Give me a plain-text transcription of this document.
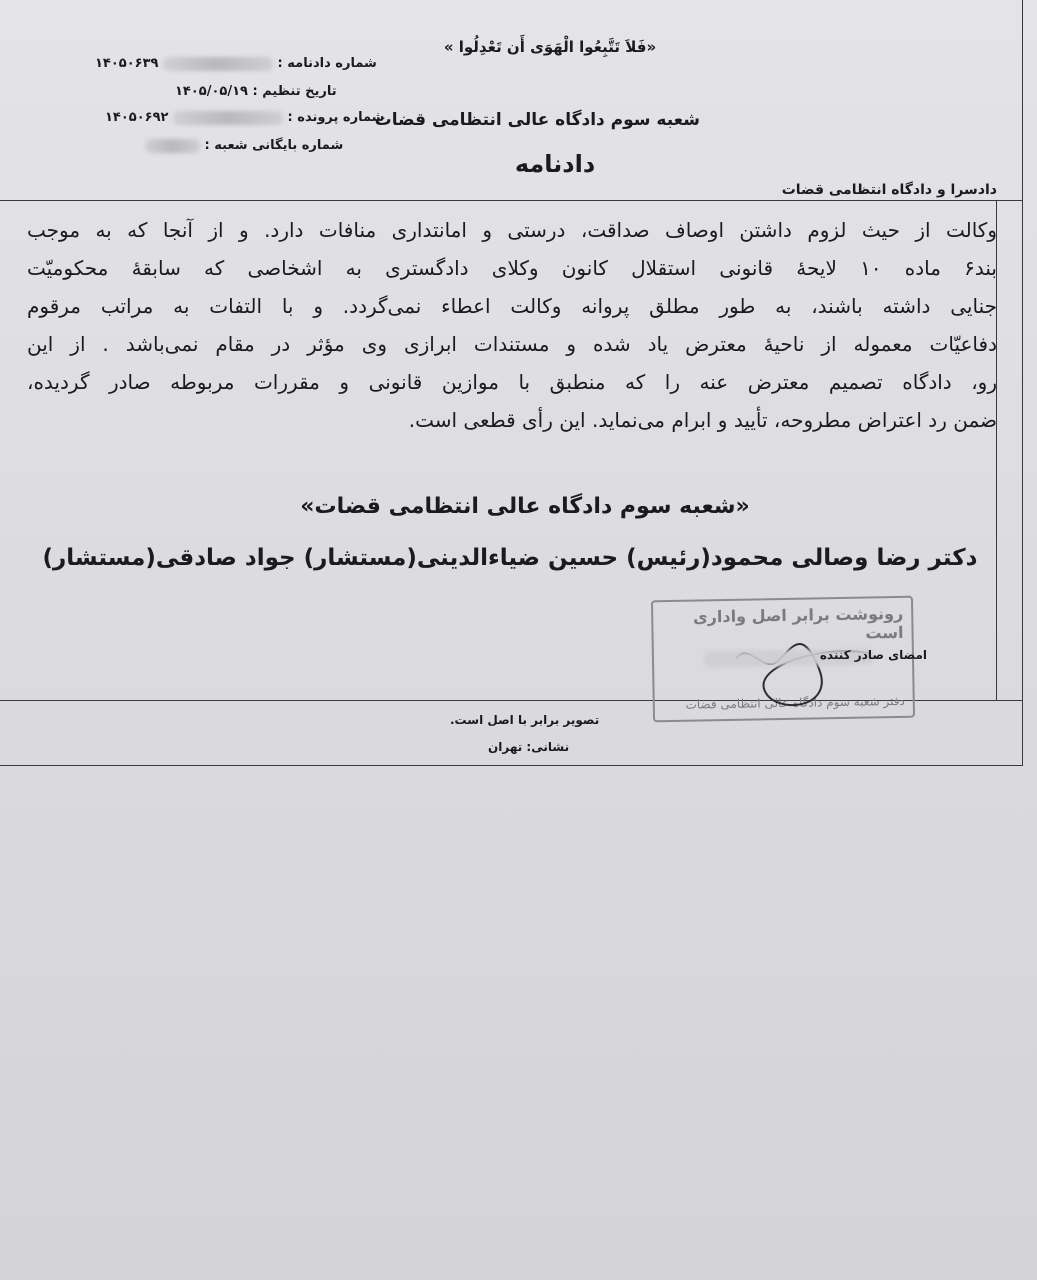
«فَلاَ تَتَّبِعُوا الْهَوَى أَن تَعْدِلُوا »
شعبه سوم دادگاه عالی انتظامی قضات
دادنامه
دادسرا و دادگاه انتظامی قضات
شماره دادنامه :  ۱۴۰۵۰۶۳۹
تاریخ تنظیم : ۱۴۰۵/۰۵/۱۹
شماره پرونده :  ۱۴۰۵۰۶۹۲
شماره بایگانی شعبه :
وکالت از حیث لزوم داشتن اوصاف صداقت، درستی و امانتداری منافات دارد. و از آنجا که به موجب
بند۶ ماده ۱۰ لایحهٔ قانونی استقلال کانون وکلای دادگستری به اشخاصی که سابقهٔ محکومیّت
جنایی داشته باشند، به طور مطلق پروانه وکالت اعطاء نمی‌گردد. و با التفات به مراتب مرقوم
دفاعیّات معموله از ناحیهٔ معترض یاد شده و مستندات ابرازی وی مؤثر در مقام نمی‌باشد . از این
رو، دادگاه تصمیم معترض عنه را که منطبق با موازین قانونی و مقررات مربوطه صادر گردیده،
ضمن رد اعتراض مطروحه، تأیید و ابرام می‌نماید. این رأی قطعی است.
«شعبه سوم دادگاه عالی انتظامی قضات»
دکتر رضا وصالی محمود(رئیس) حسین ضیاءالدینی(مستشار) جواد صادقی(مستشار)
رونوشت برابر اصل واداری است
دفتر شعبه سوم دادگاه عالی انتظامی قضات
امضای صادر کننده
تصویر برابر با اصل است.
نشانی: تهران
